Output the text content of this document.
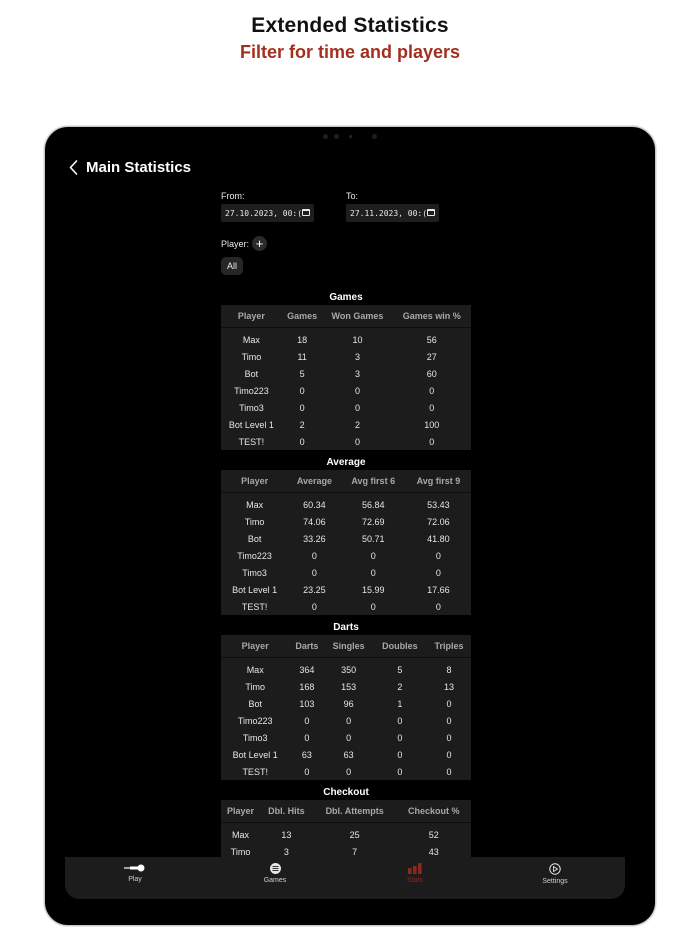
Extended Statistics
Filter for time and players
Main Statistics
From:
27.10.2023, 00:(
To:
27.11.2023, 00:(
Player: +
All
Games
Player	Games	Won Games	Games win %
Max	18	10	56
Timo	11	3	27
Bot	5	3	60
Timo223	0	0	0
Timo3	0	0	0
Bot Level 1	2	2	100
TEST!	0	0	0
Average
Player	Average	Avg first 6	Avg first 9
Max	60.34	56.84	53.43
Timo	74.06	72.69	72.06
Bot	33.26	50.71	41.80
Timo223	0	0	0
Timo3	0	0	0
Bot Level 1	23.25	15.99	17.66
TEST!	0	0	0
Darts
Player	Darts	Singles	Doubles	Triples
Max	364	350	5	8
Timo	168	153	2	13
Bot	103	96	1	0
Timo223	0	0	0	0
Timo3	0	0	0	0
Bot Level 1	63	63	0	0
TEST!	0	0	0	0
Checkout
Player	Dbl. Hits	Dbl. Attempts	Checkout %
Max	13	25	52
Timo	3	7	43
Play	Games	Stats	Settings
